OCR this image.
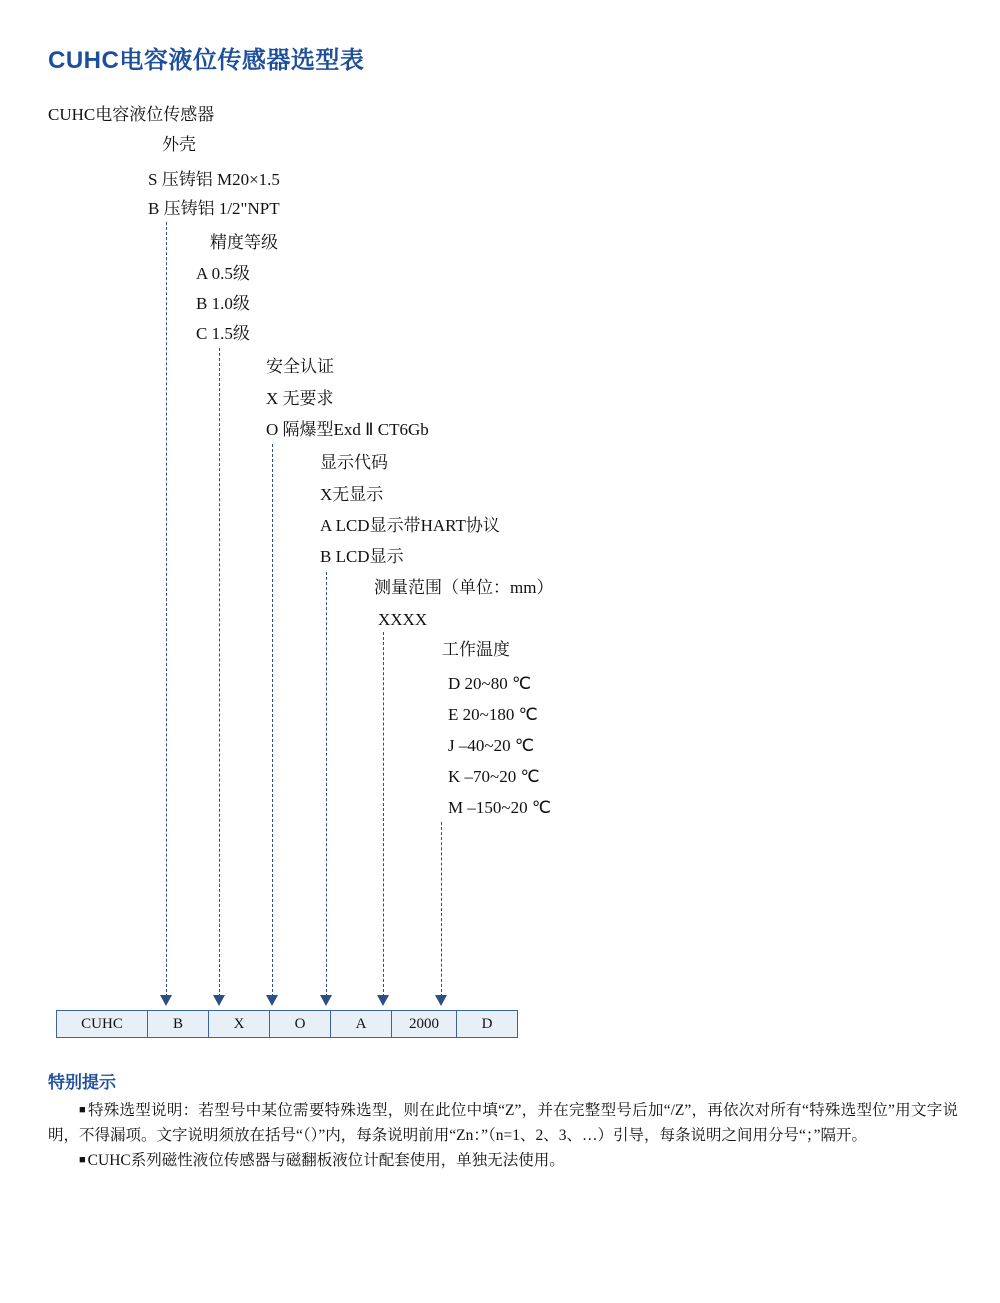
CUHC电容液位传感器选型表
CUHC电容液位传感器
外壳
S 压铸铝 M20×1.5
B 压铸铝 1/2"NPT
精度等级
A 0.5级
B 1.0级
C 1.5级
安全认证
X 无要求
O 隔爆型Exd Ⅱ CT6Gb
显示代码
X无显示
A LCD显示带HART协议
B LCD显示
测量范围（单位：mm）
XXXX
工作温度
D 20~80 ℃
E 20~180 ℃
J –40~20 ℃
K –70~20 ℃
M –150~20 ℃
CUHC	B	X	O	A	2000	D
特别提示

■ 特殊选型说明：若型号中某位需要特殊选型，则在此位中填“Z”，并在完整型号后加“/Z”，再依次对所有“特殊选型位”用文字说明，不得漏项。文字说明须放在括号“（）”内，每条说明前用“Zn：”（n=1、2、3、…）引导，每条说明之间用分号“；”隔开。

■ CUHC系列磁性液位传感器与磁翻板液位计配套使用，单独无法使用。
